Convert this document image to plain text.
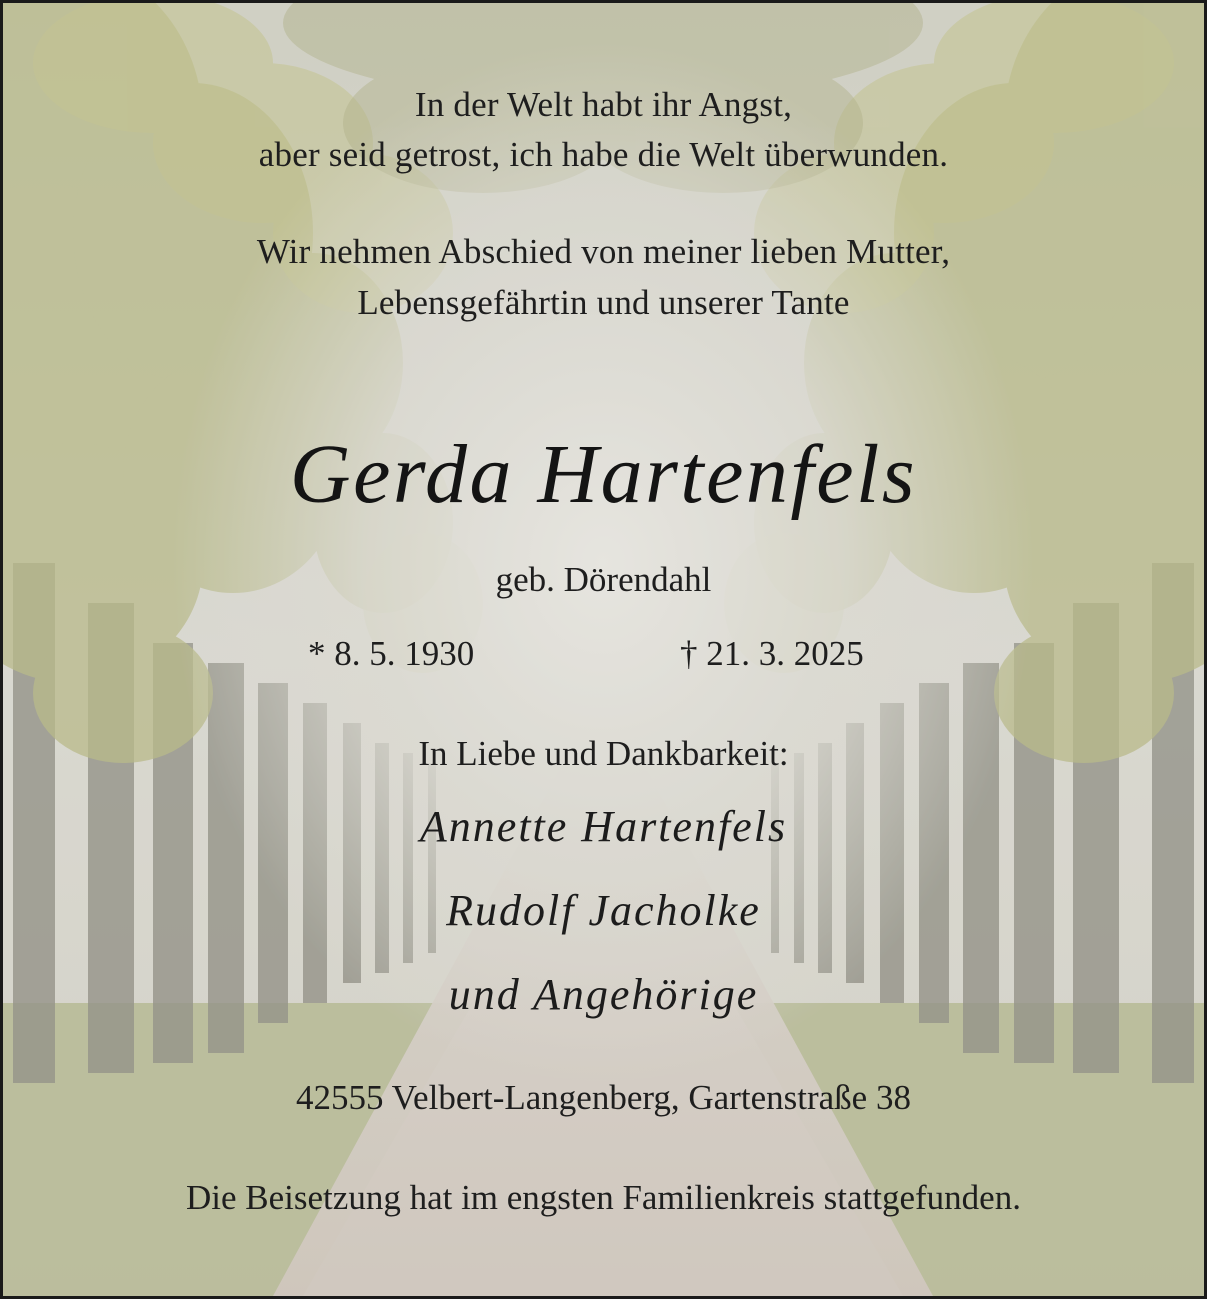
In der Welt habt ihr Angst,
aber seid getrost, ich habe die Welt überwunden.
Wir nehmen Abschied von meiner lieben Mutter,
Lebensgefährtin und unserer Tante
Gerda Hartenfels
geb. Dörendahl
* 8. 5. 1930	† 21. 3. 2025
In Liebe und Dankbarkeit:
Annette Hartenfels
Rudolf Jacholke
und Angehörige
42555 Velbert-Langenberg, Gartenstraße 38
Die Beisetzung hat im engsten Familienkreis stattgefunden.
